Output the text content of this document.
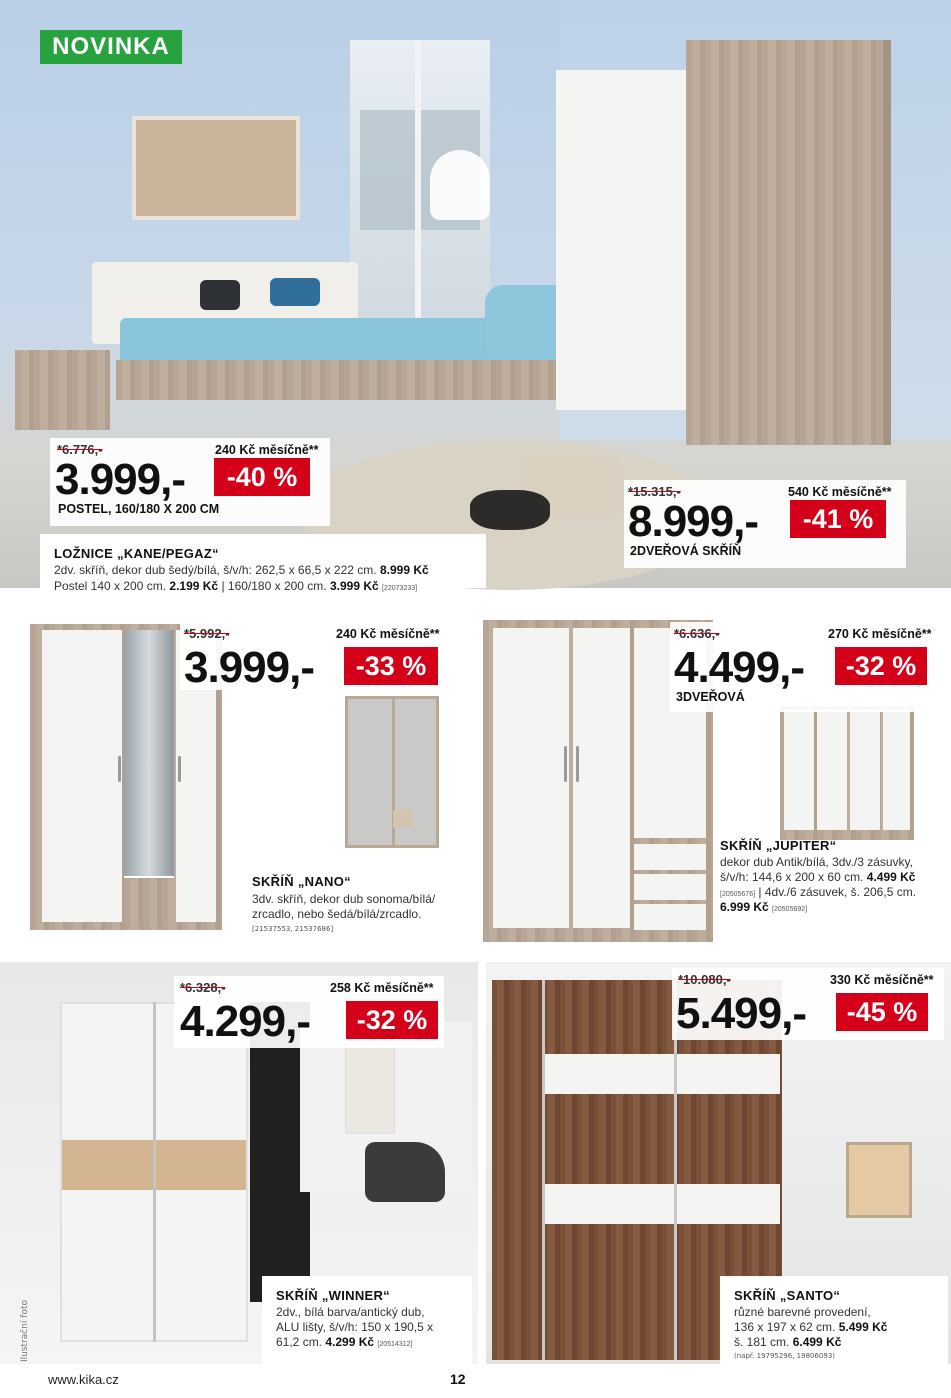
NOVINKA
*6.776,-	240 Kč měsíčně**
3.999,-	-40 %
POSTEL, 160/180 X 200 CM
*15.315,-	540 Kč měsíčně**
8.999,-	-41 %
2DVEŘOVÁ SKŘÍŇ
LOŽNICE „KANE/PEGAZ“
2dv. skříň, dekor dub šedý/bílá, š/v/h: 262,5 x 66,5 x 222 cm. 8.999 Kč
Postel 140 x 200 cm. 2.199 Kč | 160/180 x 200 cm. 3.999 Kč [22073233]
*5.992,-	240 Kč měsíčně**
3.999,-	-33 %
SKŘÍŇ „NANO“
3dv. skříň, dekor dub sonoma/bílá/
zrcadlo, nebo šedá/bílá/zrcadlo.
[21537553, 21537686]
*6.636,-	270 Kč měsíčně**
4.499,-	-32 %
3DVEŘOVÁ
SKŘÍŇ „JUPITER“
dekor dub Antik/bílá, 3dv./3 zásuvky,
š/v/h: 144,6 x 200 x 60 cm. 4.499 Kč
[20505676] | 4dv./6 zásuvek, š. 206,5 cm.
6.999 Kč [20505692]
*6.328,-	258 Kč měsíčně**
4.299,-	-32 %
SKŘÍŇ „WINNER“
2dv., bílá barva/antický dub,
ALU lišty, š/v/h: 150 x 190,5 x
61,2 cm. 4.299 Kč [20514312]
*10.080,-	330 Kč měsíčně**
5.499,-	-45 %
SKŘÍŇ „SANTO“
různé barevné provedení,
136 x 197 x 62 cm. 5.499 Kč
š. 181 cm. 6.499 Kč
(např. 19795296, 19806093)
Ilustrační foto
www.kika.cz	12
